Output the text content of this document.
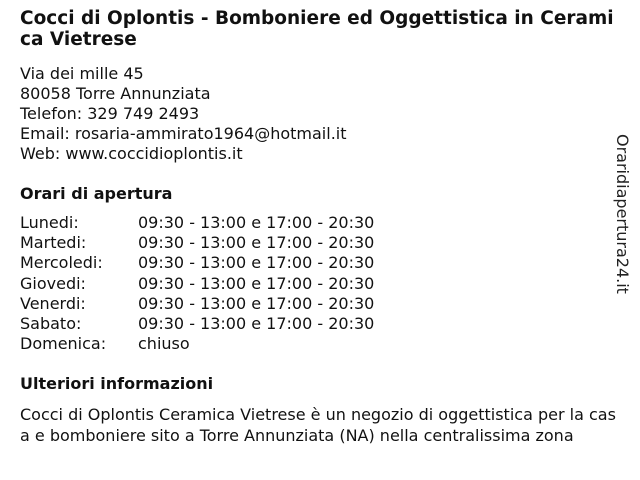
Cocci di Oplontis - Bomboniere ed Oggettistica in Ceramica Vietrese
Via dei mille 45
80058 Torre Annunziata
Telefon: 329 749 2493
Email: rosaria-ammirato1964@hotmail.it
Web: www.coccidioplontis.it
Orari di apertura
Lunedi:	09:30 - 13:00 e 17:00 - 20:30
Martedi:	09:30 - 13:00 e 17:00 - 20:30
Mercoledi:	09:30 - 13:00 e 17:00 - 20:30
Giovedi:	09:30 - 13:00 e 17:00 - 20:30
Venerdi:	09:30 - 13:00 e 17:00 - 20:30
Sabato:	09:30 - 13:00 e 17:00 - 20:30
Domenica:	chiuso
Ulteriori informazioni

Cocci di Oplontis Ceramica Vietrese è un negozio di oggettistica per la casa e bomboniere sito a Torre Annunziata (NA) nella centralissima zona

Oraridiapertura24.it
